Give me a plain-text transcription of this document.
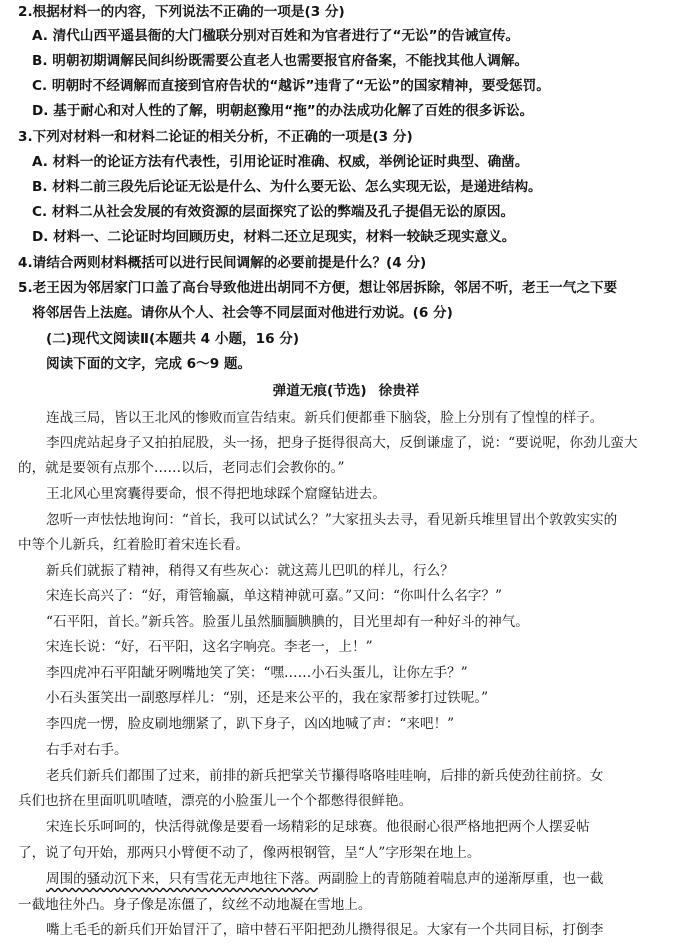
2.根据材料一的内容，下列说法不正确的一项是(3 分)
A. 清代山西平遥县衙的大门楹联分别对百姓和为官者进行了“无讼”的告诫宣传。
B. 明朝初期调解民间纠纷既需要公直老人也需要报官府备案，不能找其他人调解。
C. 明朝时不经调解而直接到官府告状的“越诉”违背了“无讼”的国家精神，要受惩罚。
D. 基于耐心和对人性的了解，明朝赵豫用“拖”的办法成功化解了百姓的很多诉讼。
3.下列对材料一和材料二论证的相关分析，不正确的一项是(3 分)
A. 材料一的论证方法有代表性，引用论证时准确、权威，举例论证时典型、确凿。
B. 材料二前三段先后论证无讼是什么、为什么要无讼、怎么实现无讼，是递进结构。
C. 材料二从社会发展的有效资源的层面探究了讼的弊端及孔子提倡无讼的原因。
D. 材料一、二论证时均回顾历史，材料二还立足现实，材料一较缺乏现实意义。
4.请结合两则材料概括可以进行民间调解的必要前提是什么？(4 分)
5.老王因为邻居家门口盖了高台导致他进出胡同不方便，想让邻居拆除，邻居不听，老王一气之下要
将邻居告上法庭。请你从个人、社会等不同层面对他进行劝说。(6 分)
(二)现代文阅读Ⅱ(本题共 4 小题，16 分)
阅读下面的文字，完成 6～9 题。
弹道无痕(节选) 徐贵祥
连战三局，皆以王北风的惨败而宣告结束。新兵们便都垂下脑袋，脸上分別有了惶惶的样子。
李四虎站起身子又拍拍屁股，头一扬，把身子挺得很高大，反倒谦虚了，说：“要说呢，你劲儿蛮大
的，就是要领有点那个……以后，老同志们会教你的。”
王北风心里窝囊得要命，恨不得把地球踩个窟窿钻进去。
忽听一声怯怯地询问：“首长，我可以试试么？”大家扭头去寻，看见新兵堆里冒出个敦敦实实的
中等个儿新兵，红着脸盯着宋连长看。
新兵们就振了精神，稍得又有些灰心：就这蔫儿巴叽的样儿，行么？
宋连长高兴了：“好，甭管输赢，单这精神就可嘉。”又问：“你叫什么名字？”
“石平阳，首长。”新兵答。脸蛋儿虽然腼腼腆腆的，目光里却有一种好斗的神气。
宋连长说：“好，石平阳，这名字响亮。李老一，上！”
李四虎冲石平阳龇牙咧嘴地笑了笑：“嘿……小石头蛋儿，让你左手？”
小石头蛋笑出一副憨厚样儿：“别，还是来公平的，我在家帮爹打过铁呢。”
李四虎一愣，脸皮刷地绷紧了，趴下身子，凶凶地喊了声：“来吧！”
右手对右手。
老兵们新兵们都围了过来，前排的新兵把掌关节攥得咯咯哇哇响，后排的新兵使劲往前挤。女
兵们也挤在里面叽叽喳喳，漂亮的小脸蛋儿一个个都憋得很鲜艳。
宋连长乐呵呵的，快活得就像是要看一场精彩的足球赛。他很耐心很严格地把两个人摆妥帖
了，说了句开始，那两只小臂便不动了，像两根钢管，呈“人”字形架在地上。
周围的骚动沉下来，只有雪花无声地往下落。两副脸上的青筋随着喘息声的递渐厚重，也一截
一截地往外凸。身子像是冻僵了，纹丝不动地凝在雪地上。
嘴上毛毛的新兵们开始冒汗了，暗中替石平阳把劲儿攒得很足。大家有一个共同目标，打倒李
